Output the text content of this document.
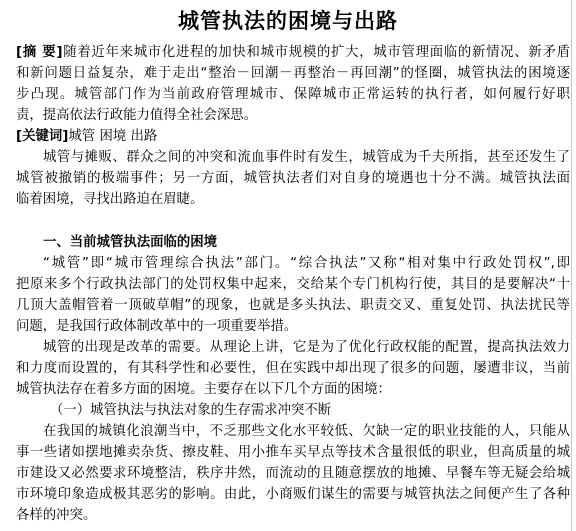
城管执法的困境与出路
[摘 要]随着近年来城市化进程的加快和城市规模的扩大，城市管理面临的新情况、新矛盾
和新问题日益复杂，难于走出“整治－回潮－再整治－再回潮”的怪圈，城管执法的困境逐
步凸现。城管部门作为当前政府管理城市、保障城市正常运转的执行者，如何履行好职
责，提高依法行政能力值得全社会深思。
[关键词]城管 困境 出路
城管与摊贩、群众之间的冲突和流血事件时有发生，城管成为千夫所指，甚至还发生了
城管被撤销的极端事件；另一方面，城管执法者们对自身的境遇也十分不满。城管执法面
临着困境，寻找出路迫在眉睫。
一、当前城管执法面临的困境
“城管”即“城市管理综合执法”部门。“综合执法”又称“相对集中行政处罚权”,即
把原来多个行政执法部门的处罚权集中起来，交给某个专门机构行使，其目的是要解决“十
几顶大盖帽管着一顶破草帽”的现象，也就是多头执法、职责交叉、重复处罚、执法扰民等
问题，是我国行政体制改革中的一项重要举措。
城管的出现是改革的需要。从理论上讲，它是为了优化行政权能的配置，提高执法效力
和力度而设置的，有其科学性和必要性，但在实践中却出现了很多的问题，屡遭非议，当前
城管执法存在着多方面的困境。主要存在以下几个方面的困境：
（一）城管执法与执法对象的生存需求冲突不断
在我国的城镇化浪潮当中，不乏那些文化水平较低、欠缺一定的职业技能的人，只能从
事一些诸如摆地摊卖杂货、擦皮鞋、用小推车买早点等技术含量很低的职业，但高质量的城
市建设又必然要求环境整洁，秩序井然，而流动的且随意摆放的地摊、早餐车等无疑会给城
市环境印象造成极其恶劣的影响。由此，小商贩们谋生的需要与城管执法之间便产生了各种
各样的冲突。
